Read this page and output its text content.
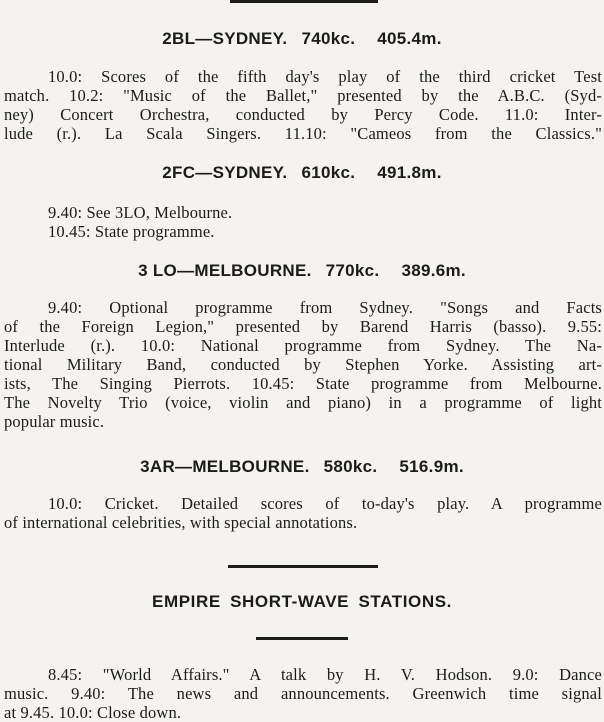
2BL—SYDNEY. 740kc. 405.4m.
10.0: Scores of the fifth day's play of the third cricket Test
match. 10.2: "Music of the Ballet," presented by the A.B.C. (Syd-
ney) Concert Orchestra, conducted by Percy Code. 11.0: Inter-
lude (r.). La Scala Singers. 11.10: "Cameos from the Classics."
2FC—SYDNEY. 610kc. 491.8m.
9.40: See 3LO, Melbourne.
10.45: State programme.
3 LO—MELBOURNE. 770kc. 389.6m.
9.40: Optional programme from Sydney. "Songs and Facts
of the Foreign Legion," presented by Barend Harris (basso). 9.55:
Interlude (r.). 10.0: National programme from Sydney. The Na-
tional Military Band, conducted by Stephen Yorke. Assisting art-
ists, The Singing Pierrots. 10.45: State programme from Melbourne.
The Novelty Trio (voice, violin and piano) in a programme of light
popular music.
3AR—MELBOURNE. 580kc. 516.9m.
10.0: Cricket. Detailed scores of to-day's play. A programme
of international celebrities, with special annotations.
EMPIRE SHORT-WAVE STATIONS.
8.45: "World Affairs." A talk by H. V. Hodson. 9.0: Dance
music. 9.40: The news and announcements. Greenwich time signal
at 9.45. 10.0: Close down.
